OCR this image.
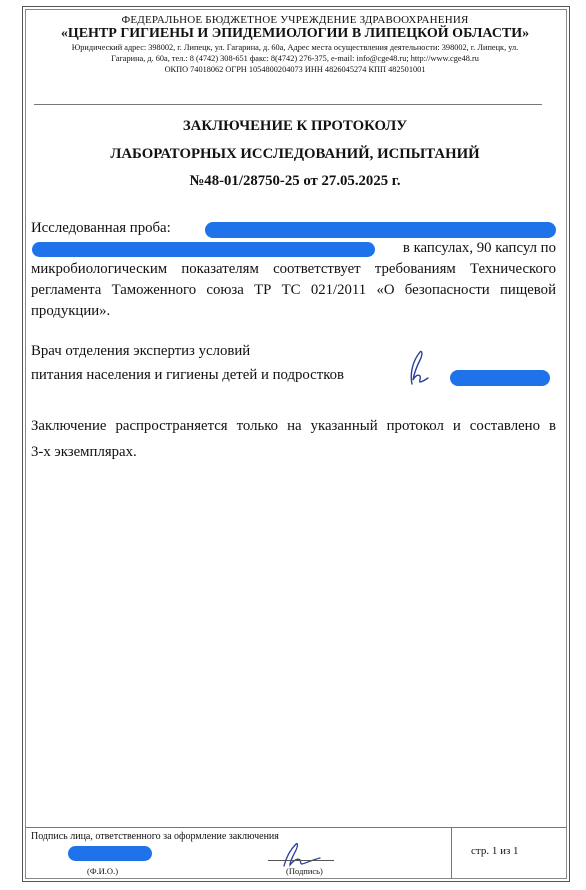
ФЕДЕРАЛЬНОЕ БЮДЖЕТНОЕ УЧРЕЖДЕНИЕ ЗДРАВООХРАНЕНИЯ
«ЦЕНТР ГИГИЕНЫ И ЭПИДЕМИОЛОГИИ В ЛИПЕЦКОЙ ОБЛАСТИ»
Юридический адрес: 398002, г. Липецк, ул. Гагарина, д. 60а, Адрес места осуществления деятельности: 398002, г. Липецк, ул.
Гагарина, д. 60а, тел.: 8 (4742) 308-651 факс: 8(4742) 276-375, e-mail: info@cge48.ru; http://www.cge48.ru
ОКПО 74018062 ОГРН 1054800204073 ИНН 4826045274 КПП 482501001
ЗАКЛЮЧЕНИЕ К ПРОТОКОЛУ
ЛАБОРАТОРНЫХ ИССЛЕДОВАНИЙ, ИСПЫТАНИЙ
№48-01/28750-25 от 27.05.2025 г.
Исследованная проба:
в капсулах, 90 капсул по
микробиологическим показателям соответствует требованиям Технического
регламента Таможенного союза ТР ТС 021/2011 «О безопасности пищевой
продукции».
Врач отделения экспертиз условий
питания населения и гигиены детей и подростков
Заключение распространяется только на указанный протокол и составлено в
3-х экземплярах.
Подпись лица, ответственного за оформление заключения
(Ф.И.О.)	(Подпись)
стр. 1 из 1
